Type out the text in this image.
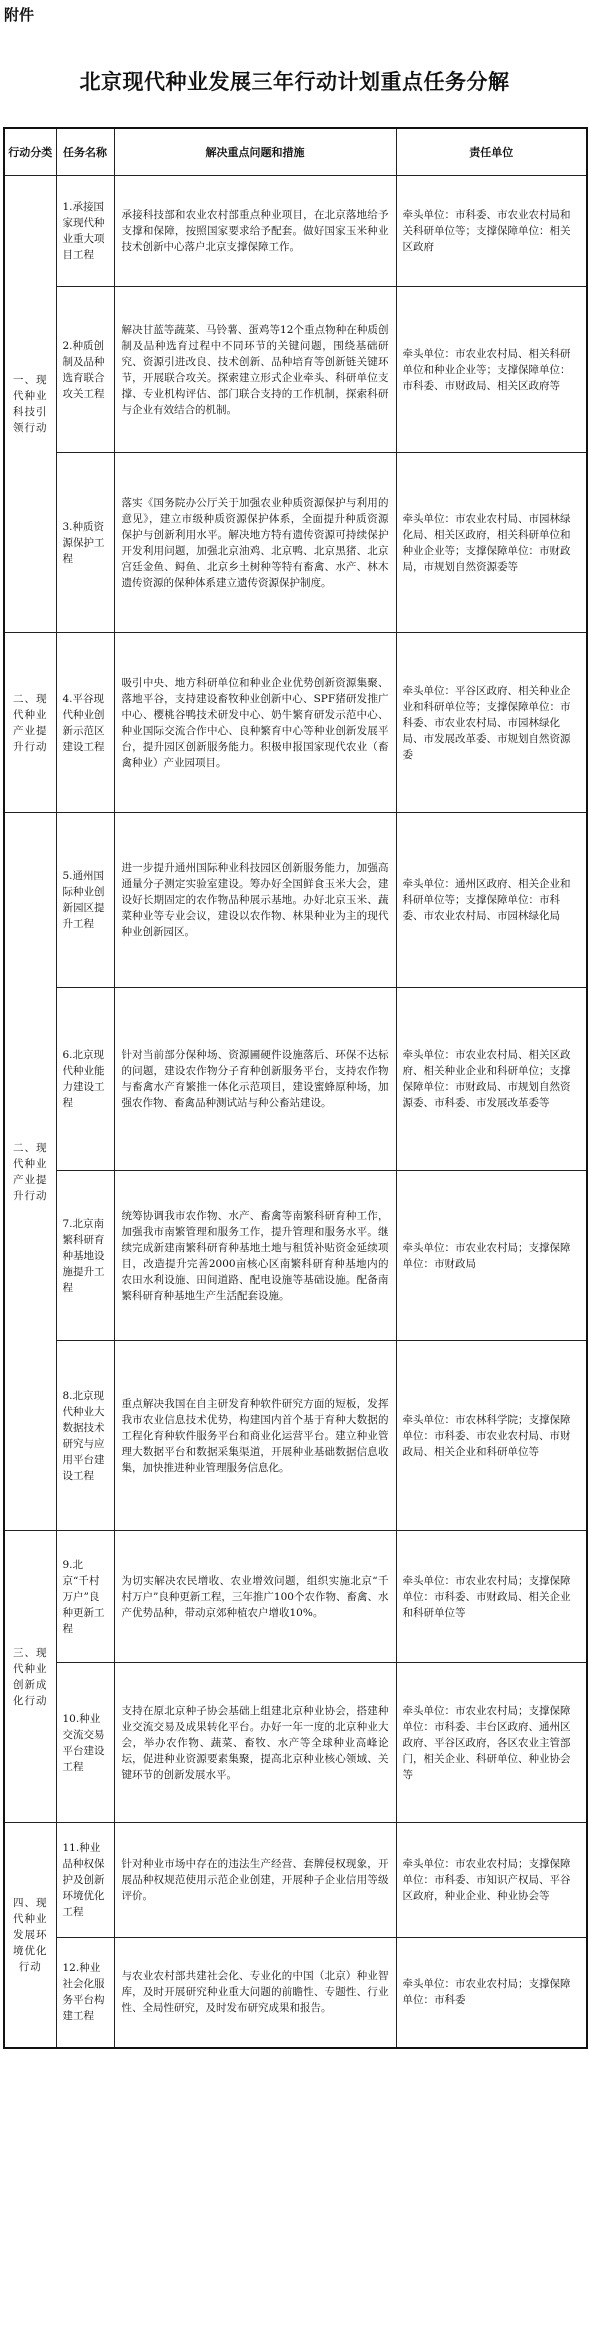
附件
北京现代种业发展三年行动计划重点任务分解
行动分类	任务名称	解决重点问题和措施	责任单位
一、现代种业科技引领行动	1.承接国家现代种业重大项目工程	承接科技部和农业农村部重点种业项目，在北京落地给予支撑和保障，按照国家要求给予配套。做好国家玉米种业技术创新中心落户北京支撑保障工作。	牵头单位：市科委、市农业农村局和关科研单位等；支撑保障单位：相关区政府
	2.种质创制及品种选育联合攻关工程	解决甘蓝等蔬菜、马铃薯、蛋鸡等12个重点物种在种质创制及品种选育过程中不同环节的关键问题，围绕基础研究、资源引进改良、技术创新、品种培育等创新链关键环节，开展联合攻关。探索建立形式企业牵头、科研单位支撑、专业机构评估、部门联合支持的工作机制，探索科研与企业有效结合的机制。	牵头单位：市农业农村局、相关科研单位和种业企业等；支撑保障单位：市科委、市财政局、相关区政府等
	3.种质资源保护工程	落实《国务院办公厅关于加强农业种质资源保护与利用的意见》，建立市级种质资源保护体系，全面提升种质资源保护与创新利用水平。解决地方特有遗传资源可持续保护开发利用问题，加强北京油鸡、北京鸭、北京黑猪、北京宫廷金鱼、鲟鱼、北京乡土树种等特有畜禽、水产、林木遗传资源的保种体系建立遗传资源保护制度。	牵头单位：市农业农村局、市园林绿化局、相关区政府，相关科研单位和种业企业等；支撑保障单位：市财政局，市规划自然资源委等
二、现代种业产业提升行动	4.平谷现代种业创新示范区建设工程	吸引中央、地方科研单位和种业企业优势创新资源集聚、落地平谷，支持建设畜牧种业创新中心、SPF猪研发推广中心、樱桃谷鸭技术研发中心、奶牛繁育研发示范中心、种业国际交流合作中心、良种繁育中心等种业创新发展平台，提升园区创新服务能力。积极申报国家现代农业（畜禽种业）产业园项目。	牵头单位：平谷区政府、相关种业企业和科研单位等；支撑保障单位：市科委、市农业农村局、市园林绿化局、市发展改革委、市规划自然资源委
二、现代种业产业提升行动	5.通州国际种业创新园区提升工程	进一步提升通州国际种业科技园区创新服务能力，加强高通量分子测定实验室建设。筹办好全国鲜食玉米大会，建设好长期固定的农作物品种展示基地。办好北京玉米、蔬菜种业等专业会议，建设以农作物、林果种业为主的现代种业创新园区。	牵头单位：通州区政府、相关企业和科研单位等；支撑保障单位：市科委、市农业农村局、市园林绿化局
	6.北京现代种业能力建设工程	针对当前部分保种场、资源圃硬件设施落后、环保不达标的问题，建设农作物分子育种创新服务平台，支持农作物与畜禽水产育繁推一体化示范项目，建设蜜蜂原种场，加强农作物、畜禽品种测试站与种公畜站建设。	牵头单位：市农业农村局、相关区政府、相关种业企业和科研单位；支撑保障单位：市财政局、市规划自然资源委、市科委、市发展改革委等
	7.北京南繁科研育种基地设施提升工程	统筹协调我市农作物、水产、畜禽等南繁科研育种工作，加强我市南繁管理和服务工作，提升管理和服务水平。继续完成新建南繁科研育种基地土地与租赁补贴资金延续项目，改造提升完善2000亩核心区南繁科研育种基地内的农田水利设施、田间道路、配电设施等基础设施。配备南繁科研育种基地生产生活配套设施。	牵头单位：市农业农村局；支撑保障单位：市财政局
	8.北京现代种业大数据技术研究与应用平台建设工程	重点解决我国在自主研发育种软件研究方面的短板，发挥我市农业信息技术优势，构建国内首个基于育种大数据的工程化育种软件服务平台和商业化运营平台。建立种业管理大数据平台和数据采集渠道，开展种业基础数据信息收集，加快推进种业管理服务信息化。	牵头单位：市农林科学院；支撑保障单位：市科委、市农业农村局、市财政局、相关企业和科研单位等
三、现代种业创新成化行动	9.北京“千村万户”良种更新工程	为切实解决农民增收、农业增效问题，组织实施北京“千村万户”良种更新工程，三年推广100个农作物、畜禽、水产优势品种，带动京郊种植农户增收10%。	牵头单位：市农业农村局；支撑保障单位：市科委、市财政局、相关企业和科研单位等
	10.种业交流交易平台建设工程	支持在原北京种子协会基础上组建北京种业协会，搭建种业交流交易及成果转化平台。办好一年一度的北京种业大会，举办农作物、蔬菜、畜牧、水产等全球种业高峰论坛，促进种业资源要素集聚，提高北京种业核心领域、关键环节的创新发展水平。	牵头单位：市农业农村局；支撑保障单位：市科委、丰台区政府、通州区政府、平谷区政府，各区农业主管部门，相关企业、科研单位、种业协会等
四、现代种业发展环境优化行动	11.种业品种权保护及创新环境优化工程	针对种业市场中存在的违法生产经营、套牌侵权现象，开展品种权规范使用示范企业创建，开展种子企业信用等级评价。	牵头单位：市农业农村局；支撑保障单位：市科委、市知识产权局、平谷区政府，种业企业、种业协会等
	12.种业社会化服务平台构建工程	与农业农村部共建社会化、专业化的中国（北京）种业智库，及时开展研究种业重大问题的前瞻性、专题性、行业性、全局性研究，及时发布研究成果和报告。	牵头单位：市农业农村局；支撑保障单位：市科委
